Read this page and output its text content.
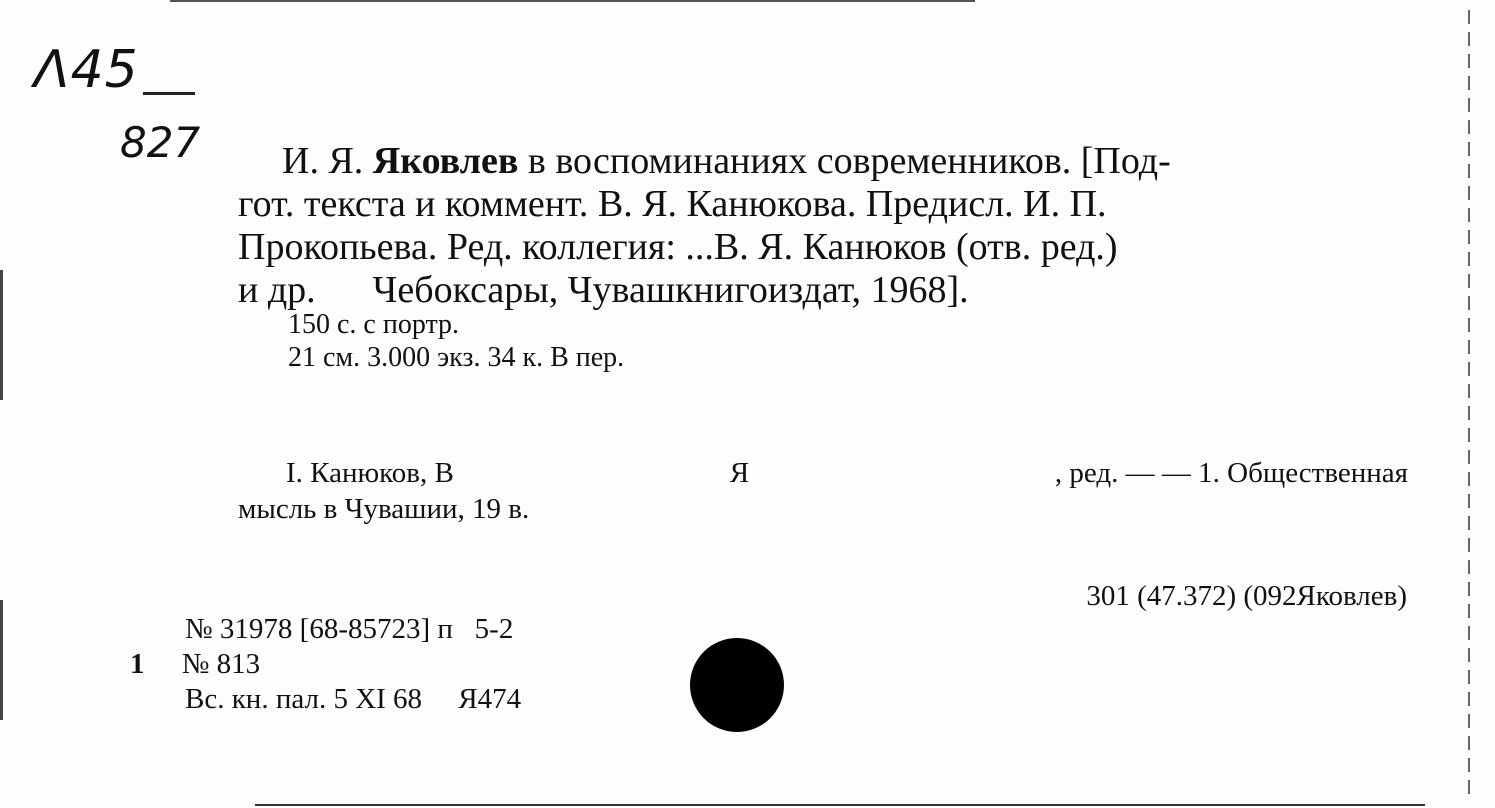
Λ45
827	И. Я. Яковлев в воспоминаниях современников. [Под-
гот. текста и коммент. В. Я. Канюкова. Предисл. И. П.
Прокопьева. Ред. коллегия: ...В. Я. Канюков (отв. ред.)
и др.      Чебоксары, Чувашкнигоиздат, 1968].
150 с. с портр.
21 см. 3.000 экз. 34 к. В пер.
I. Канюков, В	Я	, ред. — — 1. Общественная
мысль в Чувашии, 19 в.
301 (47.372) (092Яковлев)
№ 31978 [68-85723] п   5-2
1 № 813
Вс. кн. пал. 5 XI 68     Я474
